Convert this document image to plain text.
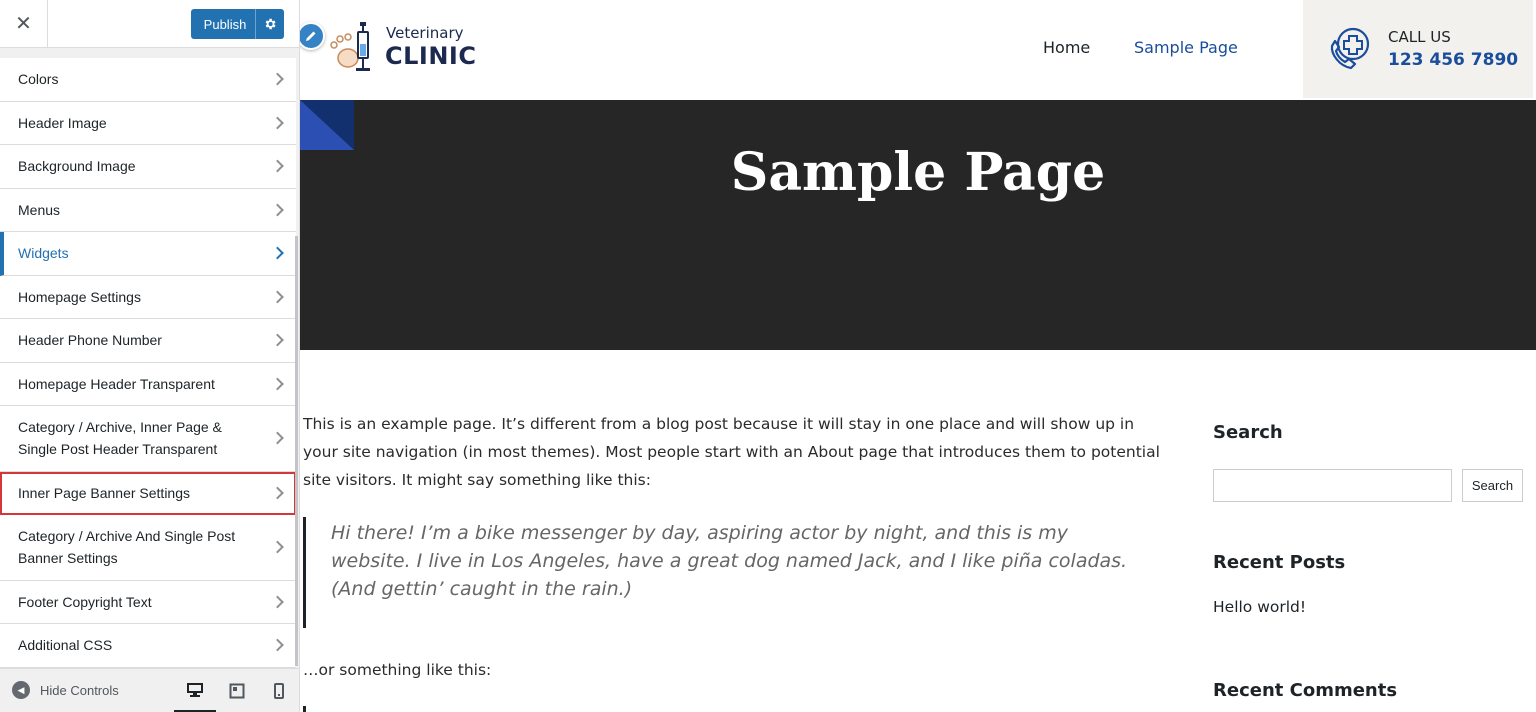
✕	Publish
Colors
Header Image
Background Image
Menus
Widgets
Homepage Settings
Header Phone Number
Homepage Header Transparent
Category / Archive, Inner Page & Single Post Header Transparent
Inner Page Banner Settings
Category / Archive And Single Post Banner Settings
Footer Copyright Text
Additional CSS
◀	Hide Controls
Veterinary
CLINIC	Home	Sample Page
CALL US
123 456 7890
Sample Page

This is an example page. It’s different from a blog post because it will stay in one place and will show up in your site navigation (in most themes). Most people start with an About page that introduces them to potential site visitors. It might say something like this:

Hi there! I’m a bike messenger by day, aspiring actor by night, and this is my website. I live in Los Angeles, have a great dog named Jack, and I like piña coladas. (And gettin’ caught in the rain.)
…or something like this:
Search
Search
Recent Posts
Hello world!
Recent Comments
